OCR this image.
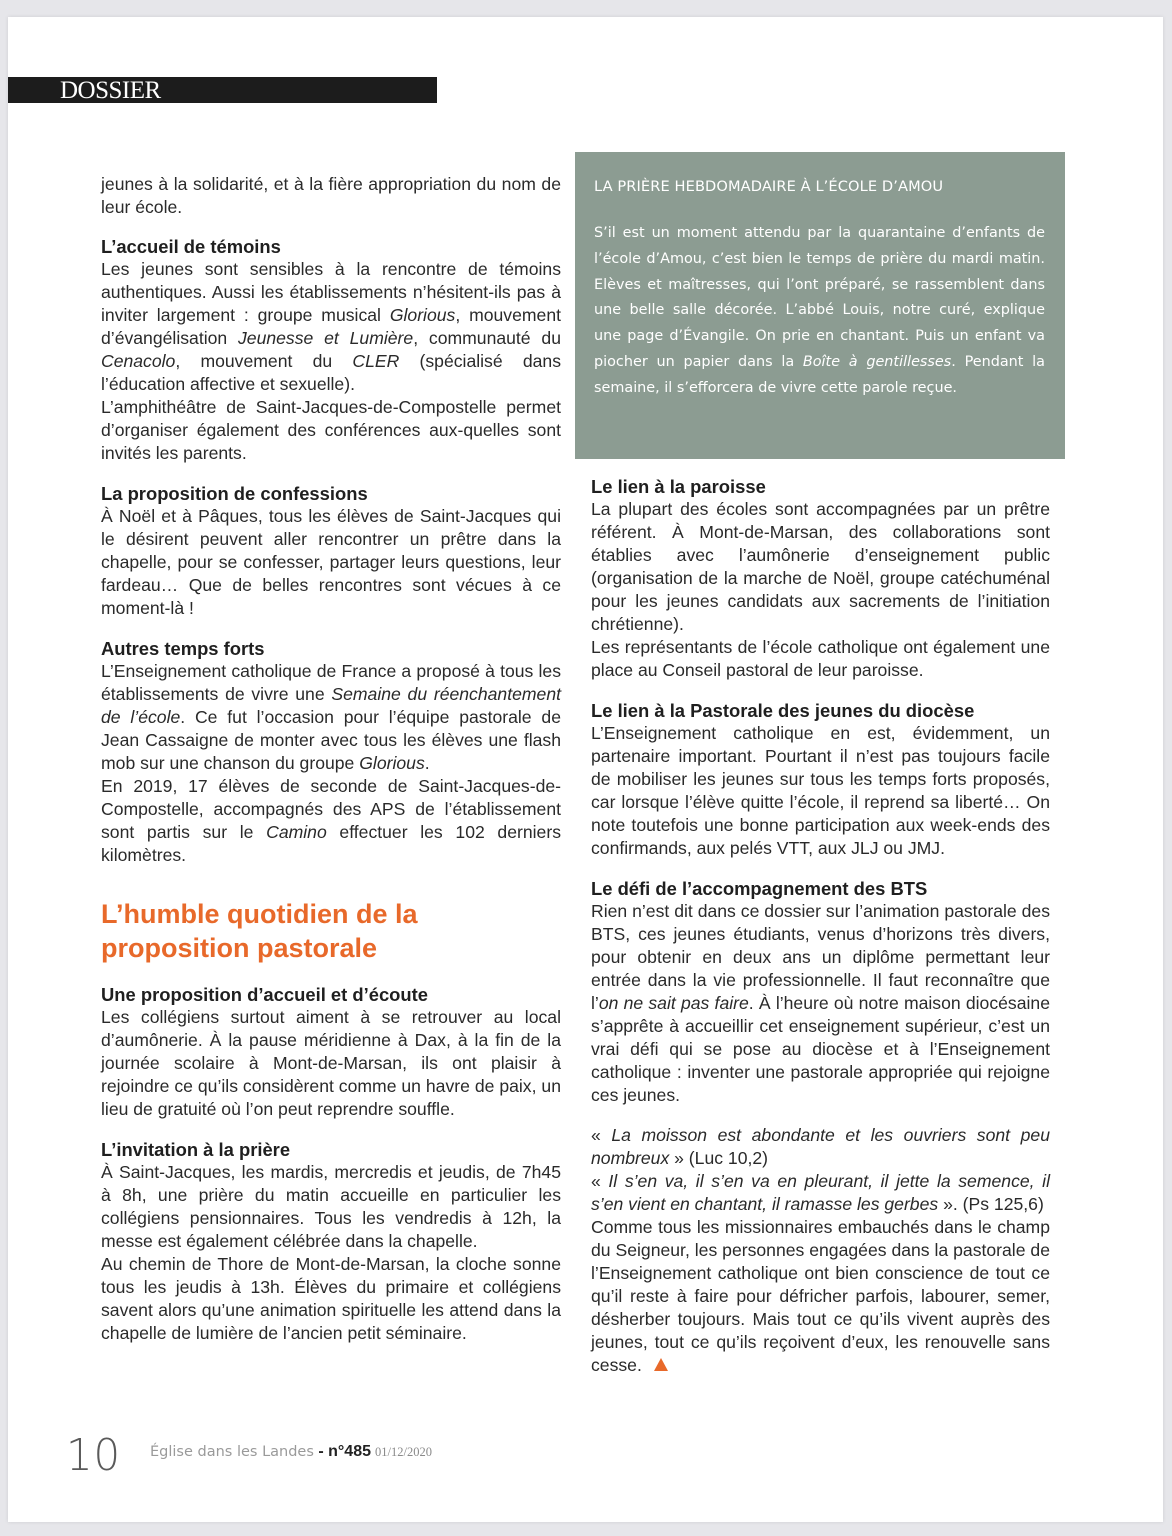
DOSSIER

jeunes à la solidarité, et à la fière appropriation du nom de leur école.

L’accueil de témoins

Les jeunes sont sensibles à la rencontre de témoins authentiques. Aussi les établissements n’hésitent-ils pas à inviter largement : groupe musical Glorious, mouvement d’évangélisation Jeunesse et Lumière, communauté du Cenacolo, mouvement du CLER (spécialisé dans l’éducation affective et sexuelle).

L’amphithéâtre de Saint-Jacques-de-Compostelle permet d’organiser également des conférences aux-quelles sont invités les parents.

La proposition de confessions

À Noël et à Pâques, tous les élèves de Saint-Jacques qui le désirent peuvent aller rencontrer un prêtre dans la chapelle, pour se confesser, partager leurs questions, leur fardeau… Que de belles rencontres sont vécues à ce moment-là !

Autres temps forts

L’Enseignement catholique de France a proposé à tous les établissements de vivre une Semaine du réenchantement de l’école. Ce fut l’occasion pour l’équipe pastorale de Jean Cassaigne de monter avec tous les élèves une flash mob sur une chanson du groupe Glorious.

En 2019, 17 élèves de seconde de Saint-Jacques-de-Compostelle, accompagnés des APS de l’établissement sont partis sur le Camino effectuer les 102 derniers kilomètres.

L’humble quotidien de la proposition pastorale
Une proposition d’accueil et d’écoute

Les collégiens surtout aiment à se retrouver au local d’aumônerie. À la pause méridienne à Dax, à la fin de la journée scolaire à Mont-de-Marsan, ils ont plaisir à rejoindre ce qu’ils considèrent comme un havre de paix, un lieu de gratuité où l’on peut reprendre souffle.

L’invitation à la prière

À Saint-Jacques, les mardis, mercredis et jeudis, de 7h45 à 8h, une prière du matin accueille en particulier les collégiens pensionnaires. Tous les vendredis à 12h, la messe est également célébrée dans la chapelle.

Au chemin de Thore de Mont-de-Marsan, la cloche sonne tous les jeudis à 13h. Élèves du primaire et collégiens savent alors qu’une animation spirituelle les attend dans la chapelle de lumière de l’ancien petit séminaire.

LA PRIÈRE HEBDOMADAIRE À L’ÉCOLE D’AMOU

S’il est un moment attendu par la quarantaine d’enfants de l’école d’Amou, c’est bien le temps de prière du mardi matin. Elèves et maîtresses, qui l’ont préparé, se rassemblent dans une belle salle décorée. L’abbé Louis, notre curé, explique une page d’Évangile. On prie en chantant. Puis un enfant va piocher un papier dans la Boîte à gentillesses. Pendant la semaine, il s’efforcera de vivre cette parole reçue.

Le lien à la paroisse

La plupart des écoles sont accompagnées par un prêtre référent. À Mont-de-Marsan, des collaborations sont établies avec l’aumônerie d’enseignement public (organisation de la marche de Noël, groupe catéchuménal pour les jeunes candidats aux sacrements de l’initiation chrétienne).

Les représentants de l’école catholique ont également une place au Conseil pastoral de leur paroisse.

Le lien à la Pastorale des jeunes du diocèse

L’Enseignement catholique en est, évidemment, un partenaire important. Pourtant il n’est pas toujours facile de mobiliser les jeunes sur tous les temps forts proposés, car lorsque l’élève quitte l’école, il reprend sa liberté… On note toutefois une bonne participation aux week-ends des confirmands, aux pelés VTT, aux JLJ ou JMJ.

Le défi de l’accompagnement des BTS

Rien n’est dit dans ce dossier sur l’animation pastorale des BTS, ces jeunes étudiants, venus d’horizons très divers, pour obtenir en deux ans un diplôme permettant leur entrée dans la vie professionnelle. Il faut reconnaître que l’on ne sait pas faire. À l’heure où notre maison diocésaine s’apprête à accueillir cet enseignement supérieur, c’est un vrai défi qui se pose au diocèse et à l’Enseignement catholique : inventer une pastorale appropriée qui rejoigne ces jeunes.

« La moisson est abondante et les ouvriers sont peu nombreux » (Luc 10,2)

« Il s’en va, il s’en va en pleurant, il jette la semence, il s’en vient en chantant, il ramasse les gerbes ». (Ps 125,6)

Comme tous les missionnaires embauchés dans le champ du Seigneur, les personnes engagées dans la pastorale de l’Enseignement catholique ont bien conscience de tout ce qu’il reste à faire pour défricher parfois, labourer, semer, désherber toujours. Mais tout ce qu’ils vivent auprès des jeunes, tout ce qu’ils reçoivent d’eux, les renouvelle sans cesse.

10 Église dans les Landes - n°485 01/12/2020
